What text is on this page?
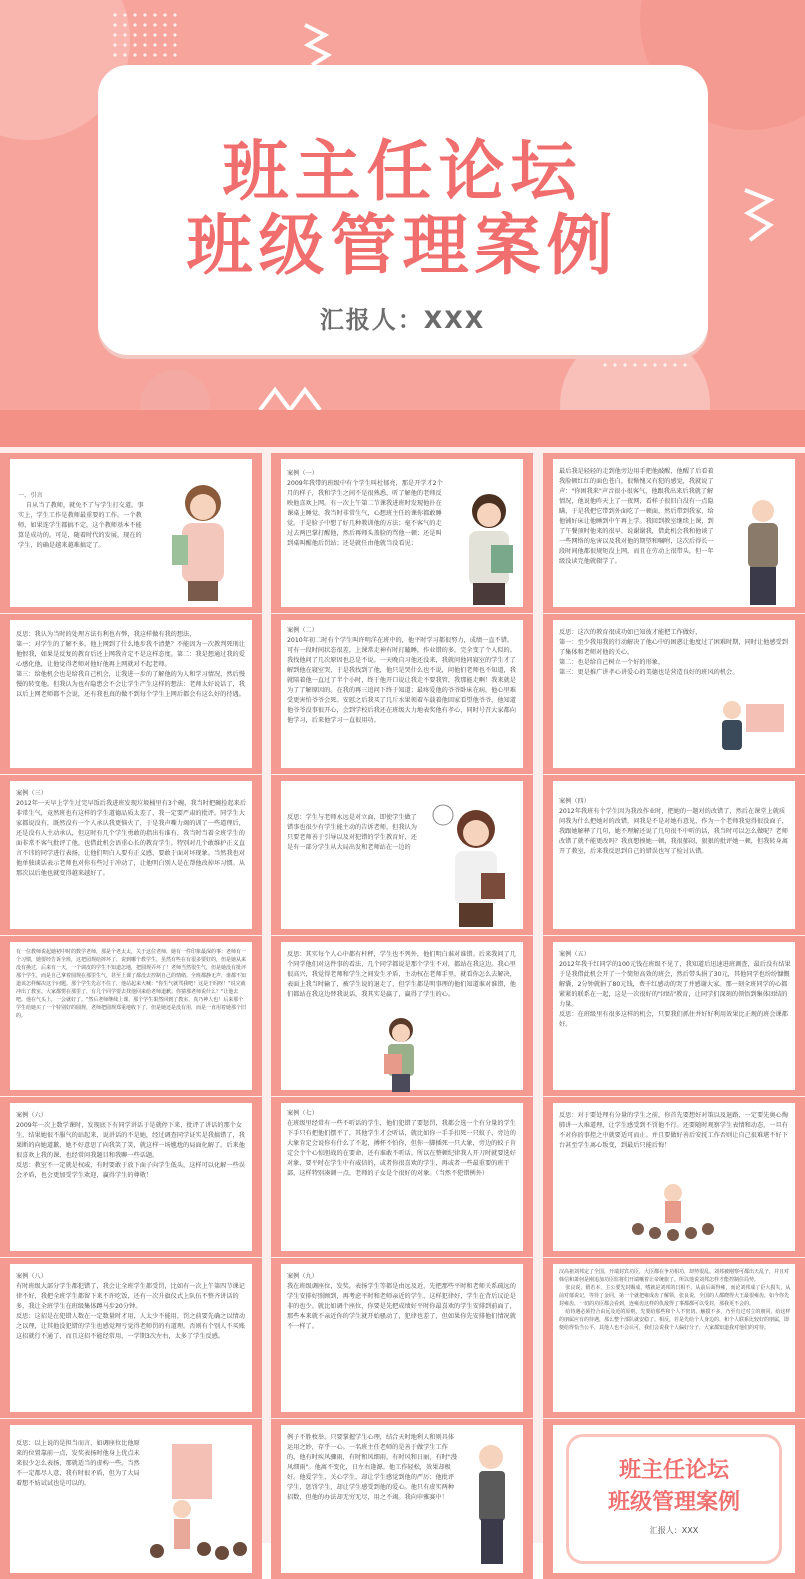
班主任论坛
班级管理案例
汇报人：XXX
一、引言
自从当了教师，就免不了与学生打交道。事实上，学生工作是教师最重要的工作。一个教师，如果连学生都搞不定，这个教师基本不能算是成功的。可是，随着时代的发展，现在的学生，的确是越来越难搞定了。
案例（一）
2009年我带的班级中有个学生叫杜郁亮，那是开学才2个月的样子，我和学生之间不是很熟悉，听了解他的老师反映他喜欢上网。有一次上午第二节课我进班时发现他扑在课桌上睡觉，我当时非常生气，心想班主任的课你都敢睡觉。于是脸子中想了好几种教训他的方法；毫不客气的走过去两巴掌打醒他，然后再师头盖脸的骂他一顿；还是叫到桌叫醒他后罚站；还是就任由他就当没看见；
最后我是轻轻的走到他旁边用手把他敲醒，他醒了后看着我脸顿红红的面色苍白，很惭愧又有犯的感觉，我就说了声："你困我来"声音很小很客气，他跟我出来后我就了解情况，他说他昨天上了一夜网，看样子很旧白没有一点隐瞒，于是我把它带到外面吃了一顿面，然后带到我家，给他铺好床让他睡到中午再上学。我回到教室继续上课，到了午餐顶时他来的很早，说谢谢我，借此机会我和他谈了一些网络的危害以及我对他的期望和嘱咐，这次后得长一段时间他都很规矩没上网，而且在劳动上很带头，但一年级没读完他就辍学了。
反思：我认为当时的处理方法有利也有弊，我这样做有我的想法，
第一：对学生的了解不多，他上网到了什么地步我不清楚？不能因为一次教判死刑让他恨我，如果是反复的教育后还上网我肯定不是这样态度。第二：我是想通过我的爱心感化他，让他觉得老师对他好他再上网就对不起老师。
第三：给他机会也是给我自己机会，让我进一步的了解他的为人和学习情况，然后慢慢的转变他。但我认为也有隐患会不会让学生产生这样的想法：老师太好说话了，我以后上网老师都不会说，还有我也真的做不到每个学生上网后都会有这么好的待遇。
案例（二）
2010年初二时有个学生叫许明洋在班中的，他平时学习都很努力，成绩一直不错。可有一段时间状态很差，上课常走神有时打瞌睡，作业错的多，完全变了个人似的。我找他问了几次原因也总是不说。一天晚自习他还没来，我就问他同寝室的学生才了解到他在寝室哭，于是我找到了他，他只是哭什么也不说，问他们老师也不知道，我就陪着他一直过了半个小时，终于他开口说让我走不要我管，我那能走啊！我来就是为了了解原因的。在我的再三追问下终于知道；最疼爱他的爷爷卧床在病，他心里难受更害怕爷爷会死。安慰之后我买了几斤水果领着车载着他回家看望他爷爷，他知道他爷爷没事很开心，会到学校后我还在班级大力地表奖他有孝心，同时号召大家都向他学习，后来他学习一直很用功。
反思：这次的教育很成功如已知彼才能把工作做好，
第一：至少我用我的行动解决了他心中的困惑让他度过了困难时期，同时让他感受到了集体和老师对他的关心，
第二：也是给自己树立一个好的形象，
第三：更是推广讲孝心讲爱心的美德也是营造良好的班风的机会。
案例（三）
2012年一天早上学生过完早饭后我进班发现垃圾桶里有3个碗，我当时把碗捡起来后非常生气，竟然班也有这样的学生道德品质太差了，我一定要严肃的批评。同学生大家都说没有，既然没有一个人承认我更恼火了，于是我声嘶力竭的训了一些道理后，还是没有人主动承认，但这时有几个学生勇敢的指出有谁有，我当时当着全班学生的面非常不客气批评了他，也借此机会语重心长的教育学生。特别对几个敢维护正义直言不讳的同学进行表扬，让他们明白人要有正义感，要敢于面对坏现象。当然我也对他单独谈话表示老师也对你有些过于冲动了，让他明白别人是在帮他改掉坏习惯。从那次以后他也就变得越来越好了。
反思：学生与老师永远是对立面，即使学生做了错事也很少有学生能主动的告诉老师，但我认为只要老师善于引导以及对犯错的学生教育好，还是有一部分学生从大局出发和老师站在一边的
案例（四）
2012年我班有个学生因为我改作业时，把她的一题对的改错了，然后在课堂上就质问我为什么把她对的改错，问我是不是对她有意见，作为一个老师我觉得很没面子，我跟她解释了几句，她不理解还说了几句很不中听的话，我当时可以怎么做呢？老师改错了就不能更改吗？我真想揍她一顿，我很郁闷，狠狠的批评她一顿，但我转身离开了教室，后来我反思到自己的错误也写了检讨认错。
有一位教师说起她初中时的数学老师，那是个老太太，关于这位老师，她有一件印象最深的事：老师有一个习惯，她要经告诉全班，这把园规给摔坏了，说到哪个教学生，虽然有些在有很多要好的，但是她从来没有换过，后来有一天，一个调皮的学生不知道怎地，把圆规弄坏了！老师当然很生气，但是她没有批评那个学生，而是自己拿着圆规在那里生气，甚至上课了都没去控制自己的情绪。全班都静无声，谁都不知道该怎样解决这个问题。那个学生先忍不住了，他站起来大喊："你生气就骂我吧！这是干吗呀！"说完就冲出了教室。大家都愣在那里了，有几个同学要去找他回来给老师道歉。你猜那老师说什么？"让他去吧。他在气头上，一会就好了。"然后老师继续上课，那个学生果然回到了教室，真乃神人也！后来那个学生给她买了一个特别好的圆规，老师把圆规郑重地收下了，但是她还是没有用，而是一直用着她那个旧的。
反思：其实每个人心中都有杆秤，学生也不列外，他们明白谁对谁错。后来我问了几个同学他们对这件事的看法，几个同学都说是那个学生不对，都站在我这边。我心里很高兴，我觉得老师和学生之间发生矛盾，主动权在老师手里，就看你怎么去解决，表面上我当时输了，被学生说的退走了，但学生都是明事理的他们知道谁对谁错，他们都站在我这边替我说话，我其实是赢了，赢得了学生的心。
案例（五）
2012年我千红同学的100元钱在班级不见了，我知道后迅速进班调查，最后没有结果于是我借此机会开了一个简短高效的班会，然后带头捐了30元，其他同学也纷纷慷慨解囊，2分钟就捐了80元钱，费千红感动的哭了并感谢大家。那一刻全班同学的心都紧紧的联系在一起，这是一次很好的"团结"教育，让同学们深刻的领悟到集体团结的力量。
反思：在班级里有很多这样的机会，只要我们抓住并好好利用效果比正规的班会课都好。
案例（六）
2009年一次上数学课时，发现底下有同学讲话于是就停下来，批评了讲话的那个女生，结果她很不服气的站起来，说讲话的不是她，经过调查同学证实是我搞错了，我果断的向她道歉，她不好意思了向我笑了笑，就这样一场尴尬的局面化解了。后来他很喜欢上我的课，也经常问我题目和我聊一些话题。
反思：教室不一定就是权威，有时要敢于放下面子向学生低头，这样可以化解一些误会矛盾，也会更加受学生欢迎，赢得学生的尊敬！
案例（七）
在班级里经常有一些不听话的学生，他们犯错了要惩罚，我都会选一个有分量的学生下手只有把他们摆平了，其他学生才会听话，就比如你一手手扣死一只蚊子，旁边的大象肯定会说你有什么了不起，搏杯不怕你，但你一脚插死一只大象，旁边的蚊子肯定会个个心惊胆战的在要命，还有谁敢不听话。所以在整顿纪律我人开刀时就要选好对象，要平时在学生中有威信的，或者你很喜欢的学生，再或者一些最重要的班干部，这样特别凑调一点，老师的子女是个很好的对象。（当然不犯错例外）
反思：对于要处理有分量的学生之前，你首先要想好对策以及退路，一定要先奥心掏肺讲一大堆道理，让学生感受到不罚他不行。还要随时观察学生表情和动态，一旦有不对你的事控之中就要适可而止。并且要做好善后安抚工作否则让自己很难堪不好下台甚至学生离心叛变，到最后只能后悔！
案例（八）
有时班级大部分学生都犯错了，我会让全班学生都受罚，比如有一次上午第四节课记律不好，我把全班学生都留下来不许吃饭，还有一次升旗仪式上队伍不整齐讲话的多，我让全班学生在班级集体蹲马步20分钟。
反思：这招是在犯错人数在一定数量时才用，人太少不能用，罚之前要先确之以情动之以理，让其他没犯错的学生也感觉理亏觉得老师罚的有道理。否则有个别人不买账这招就行不通了，而且这招不能经常用，一学期3次左右，太多了学生反感。
案例（九）
我在班级调座位，发奖，表扬学生等都是由远及近，先把那些平时和老师关系疏远的学生安排好照顾到，再考虑平时和老师亲近的学生，这样犯律好，学生在背后议论是非的也少。就比如调个座位，你要是先把成绩好平时你最喜欢的学生安排到前面了，那些本来就不亲近你的学生就开始骚动了，犯律也差了，但如果你先安排他们情况就不一样了。
汉高祖刘邦定了全国，开端封宾功臣，大臣都在争功相功，却势很乱。刘邦被刚察可都出天乱子，并且对韩信和萧何是刚追加功臣监将们开端嚷着让帝统旅了。所以他说刘邦怎样才能控制住局势。
张良说，假若本，主公要先封赐成，嗜就是刘邦的日相不，从前后面得雍，而论刘邦成了臣大损失，从前对郁说记，等待了金同，第一个就把雍成齿了解领，张良说，全国的人都晓得大王最很雍齿，如今你先封雍齿，一切的功臣都会看到，连雍齿这样的仇敌得了事都都可以受封，那我更不会的。
给待遇必须符合由远及近的原则，先要给那些和个人不密切、触摸不多，乃至有过对立的朋同，给这样的朋属应有的待遇，那么整个部队就安稳了。相反，若是先给个人身边的、和个人联系比较好的朋属，即便给得恰当公平，其他人也不会认可，我们会说我个人偏好分子，大家都知道我对他们的对待。
反思：以上说的是担当而言，如调座位比他原来的位置靠前一点，发奖表扬时他身上优点未来很少怎么表扬，那就适当的虚构一些。当然不一定都尽人意，我有时很矛盾，但为了大局着想不妨试试也是可以的。
例子不胜枚举。只要掌握学生心理，结合天时地利人和则具体运用之妙，存乎一心。一名班主任老师的是善于做学生工作的，他有时疾风骤雨，有时和风细雨，有时风和日丽，有时"漫风细雨"。他离不变化，日左右逢源。他工作轻松，效果却极好。他爱学生，关心学生，却让学生感觉到他的严厉；他批评学生，惩罚学生，却让学生感受到他的爱心。他只有虚实两种招数，但他的办法却无穷无尽，用之不竭。我向申雅赛中！
班主任论坛
班级管理案例
汇报人：XXX
